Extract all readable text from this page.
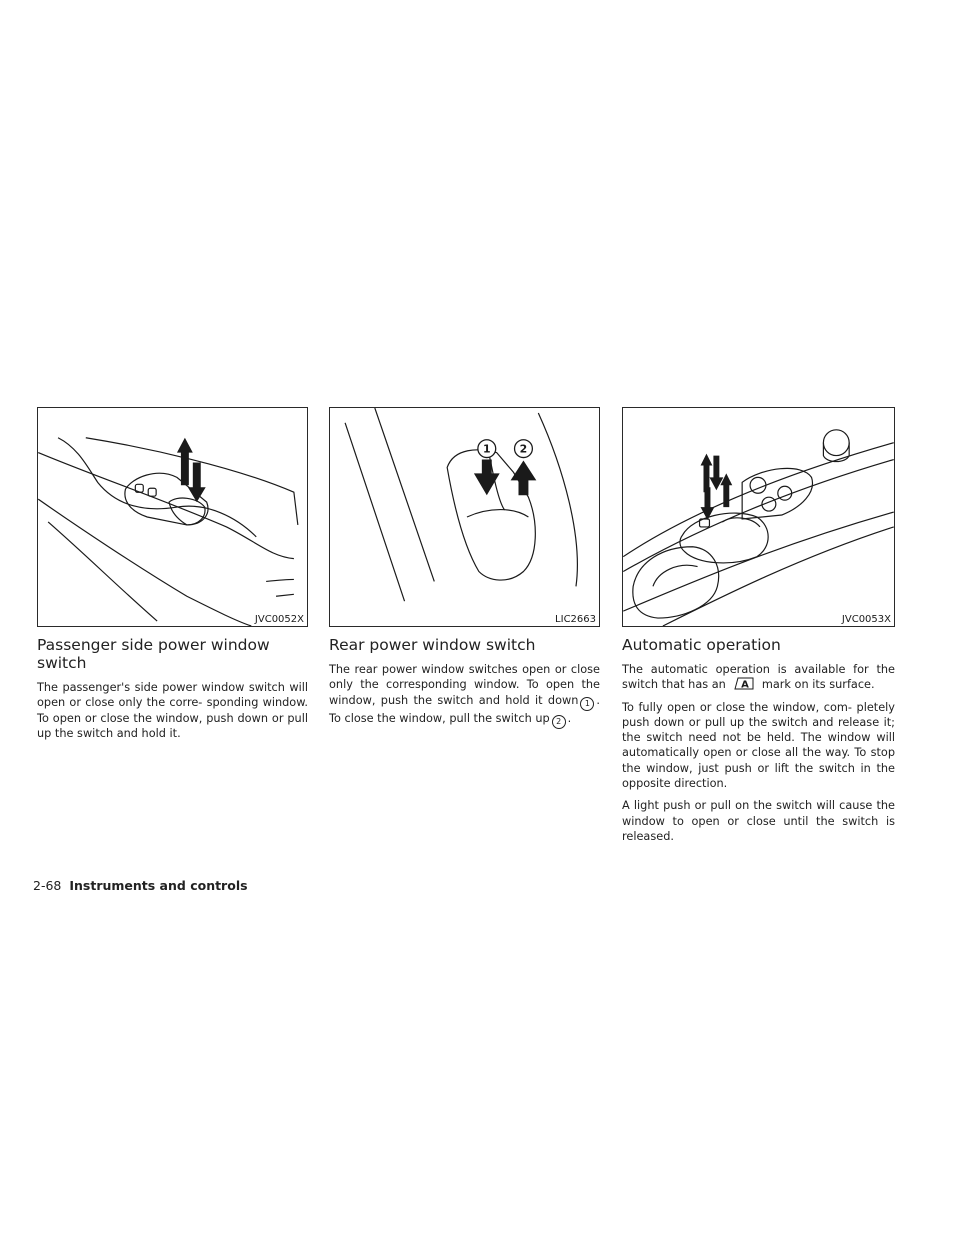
JVC0052X
Passenger side power window switch

The passenger's side power window switch will open or close only the corre- sponding window. To open or close the window, push down or pull up the switch and hold it.

1	2
LIC2663
Rear power window switch

The rear power window switches open or close only the corresponding window. To open the window, push the switch and hold it down 1 . To close the window, pull the switch up 2 .

JVC0053X
Automatic operation

The automatic operation is available for the switch that has an A mark on its surface.

To fully open or close the window, com- pletely push down or pull up the switch and release it; the switch need not be held. The window will automatically open or close all the way. To stop the window, just push or lift the switch in the opposite direction.

A light push or pull on the switch will cause the window to open or close until the switch is released.

2-68 Instruments and controls
